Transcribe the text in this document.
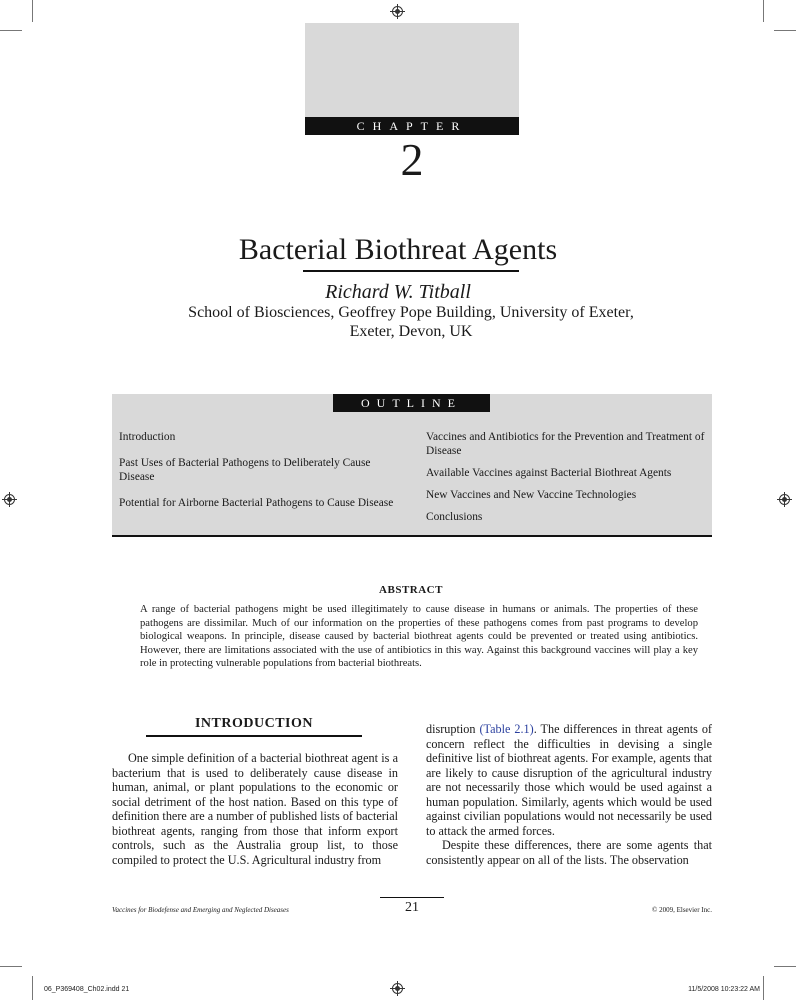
CHAPTER
2
Bacterial Biothreat Agents
Richard W. Titball
School of Biosciences, Geoffrey Pope Building, University of Exeter,
Exeter, Devon, UK
OUTLINE

Introduction

Past Uses of Bacterial Pathogens to Deliberately Cause Disease

Potential for Airborne Bacterial Pathogens to Cause Disease

Vaccines and Antibiotics for the Prevention and Treatment of Disease

Available Vaccines against Bacterial Biothreat Agents

New Vaccines and New Vaccine Technologies

Conclusions

ABSTRACT
A range of bacterial pathogens might be used illegitimately to cause disease in humans or animals. The properties of these pathogens are dissimilar. Much of our information on the properties of these pathogens comes from past programs to develop biological weapons. In principle, disease caused by bacterial biothreat agents could be prevented or treated using antibiotics. However, there are limitations associated with the use of antibiotics in this way. Against this background vaccines will play a key role in protecting vulnerable populations from bacterial biothreats.
INTRODUCTION

One simple definition of a bacterial biothreat agent is a bacterium that is used to deliberately cause disease in human, animal, or plant populations to the economic or social detriment of the host nation. Based on this type of definition there are a number of published lists of bacterial biothreat agents, ranging from those that inform export controls, such as the Australia group list, to those compiled to protect the U.S. Agricultural industry from

disruption (Table 2.1). The differences in threat agents of concern reflect the difficulties in devising a single definitive list of biothreat agents. For example, agents that are likely to cause disruption of the agricultural industry are not necessarily those which would be used against a human population. Similarly, agents which would be used against civilian populations would not necessarily be used to attack the armed forces.

Despite these differences, there are some agents that consistently appear on all of the lists. The observation

21
Vaccines for Biodefense and Emerging and Neglected Diseases	© 2009, Elsevier Inc.
06_P369408_Ch02.indd 21	11/5/2008 10:23:22 AM
